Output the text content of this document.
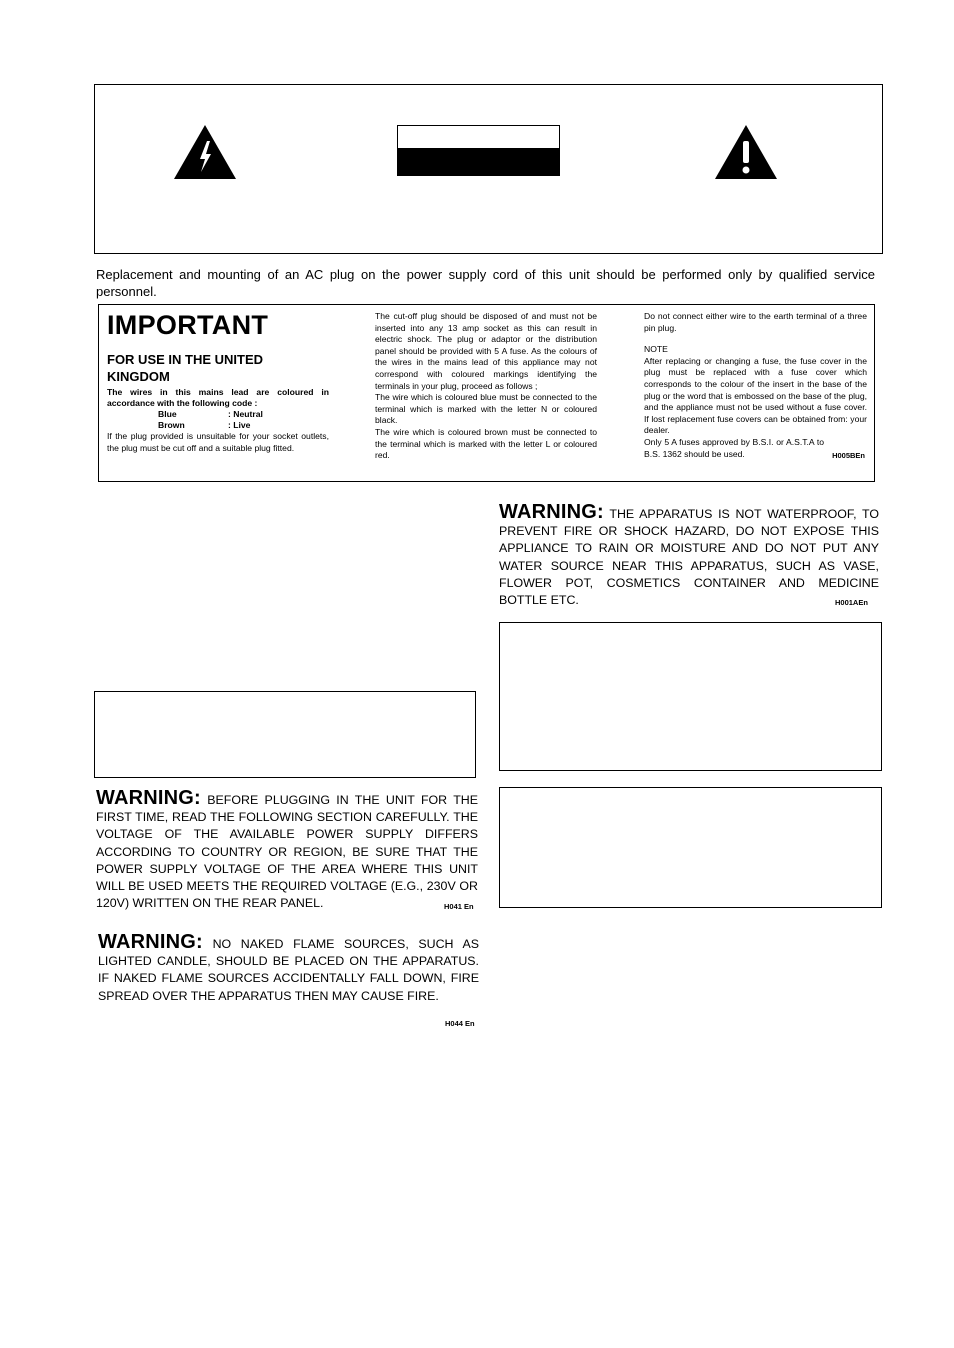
Replacement and mounting of an AC plug on the power supply cord of this unit should be performed only by qualified service personnel.
IMPORTANT
FOR USE IN THE UNITED KINGDOM
The wires in this mains lead are coloured in accordance with the following code :
Blue	: Neutral
Brown	: Live
If the plug provided is unsuitable for your socket outlets, the plug must be cut off and a suitable plug fitted.
The cut-off plug should be disposed of and must not be inserted into any 13 amp socket as this can result in electric shock. The plug or adaptor or the distribution panel should be provided with 5 A fuse. As the colours of the wires in the mains lead of this appliance may not correspond with coloured markings identifying the terminals in your plug, proceed as follows ;
The wire which is coloured blue must be connected to the terminal which is marked with the letter N or coloured black.
The wire which is coloured brown must be connected to the terminal which is marked with the letter L or coloured red.
Do not connect either wire to the earth terminal of a three pin plug.
NOTE
After replacing or changing a fuse, the fuse cover in the plug must be replaced with a fuse cover which corresponds to the colour of the insert in the base of the plug or the word that is embossed on the base of the plug, and the appliance must not be used without a fuse cover. If lost replacement fuse covers can be obtained from: your dealer.
Only 5 A fuses approved by B.S.I. or A.S.T.A to B.S. 1362 should be used.	H005BEn
WARNING: THE APPARATUS IS NOT WATERPROOF, TO PREVENT FIRE OR SHOCK HAZARD, DO NOT EXPOSE THIS APPLIANCE TO RAIN OR MOISTURE AND DO NOT PUT ANY WATER SOURCE NEAR THIS APPARATUS, SUCH AS VASE, FLOWER POT, COSMETICS CONTAINER AND MEDICINE BOTTLE ETC.	H001AEn
WARNING: BEFORE PLUGGING IN THE UNIT FOR THE FIRST TIME, READ THE FOLLOWING SECTION CAREFULLY. THE VOLTAGE OF THE AVAILABLE POWER SUPPLY DIFFERS ACCORDING TO COUNTRY OR REGION, BE SURE THAT THE POWER SUPPLY VOLTAGE OF THE AREA WHERE THIS UNIT WILL BE USED MEETS THE REQUIRED VOLTAGE (E.G., 230V OR 120V) WRITTEN ON THE REAR PANEL.	H041 En
WARNING: NO NAKED FLAME SOURCES, SUCH AS LIGHTED CANDLE, SHOULD BE PLACED ON THE APPARATUS. IF NAKED FLAME SOURCES ACCIDENTALLY FALL DOWN, FIRE SPREAD OVER THE APPARATUS THEN MAY CAUSE FIRE.
H044 En
